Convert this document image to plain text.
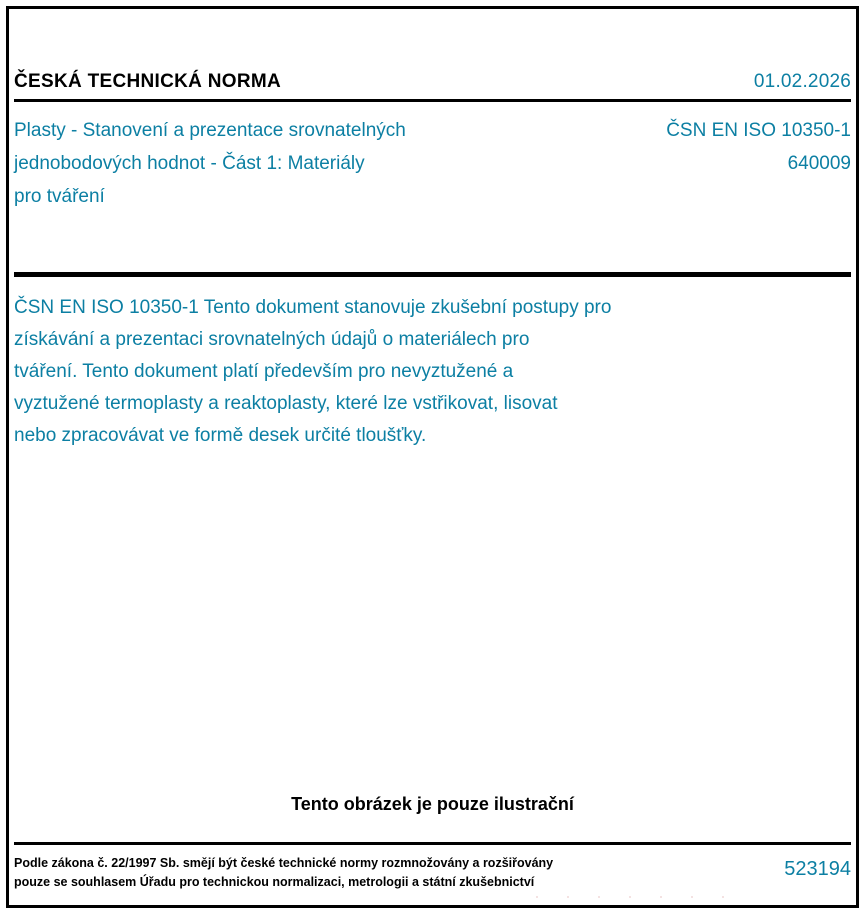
ČESKÁ TECHNICKÁ NORMA	01.02.2026
Plasty - Stanovení a prezentace srovnatelných
jednobodových hodnot - Část 1: Materiály
pro tváření
ČSN EN ISO 10350-1
640009
ČSN EN ISO 10350-1 Tento dokument stanovuje zkušební postupy pro
získávání a prezentaci srovnatelných údajů o materiálech pro
tváření. Tento dokument platí především pro nevyztužené a
vyztužené termoplasty a reaktoplasty, které lze vstřikovat, lisovat
nebo zpracovávat ve formě desek určité tloušťky.
Tento obrázek je pouze ilustrační
Podle zákona č. 22/1997 Sb. smějí být české technické normy rozmnožovány a rozšiřovány
pouze se souhlasem Úřadu pro technickou normalizaci, metrologii a státní zkušebnictví
523194
· · · · · · ·
